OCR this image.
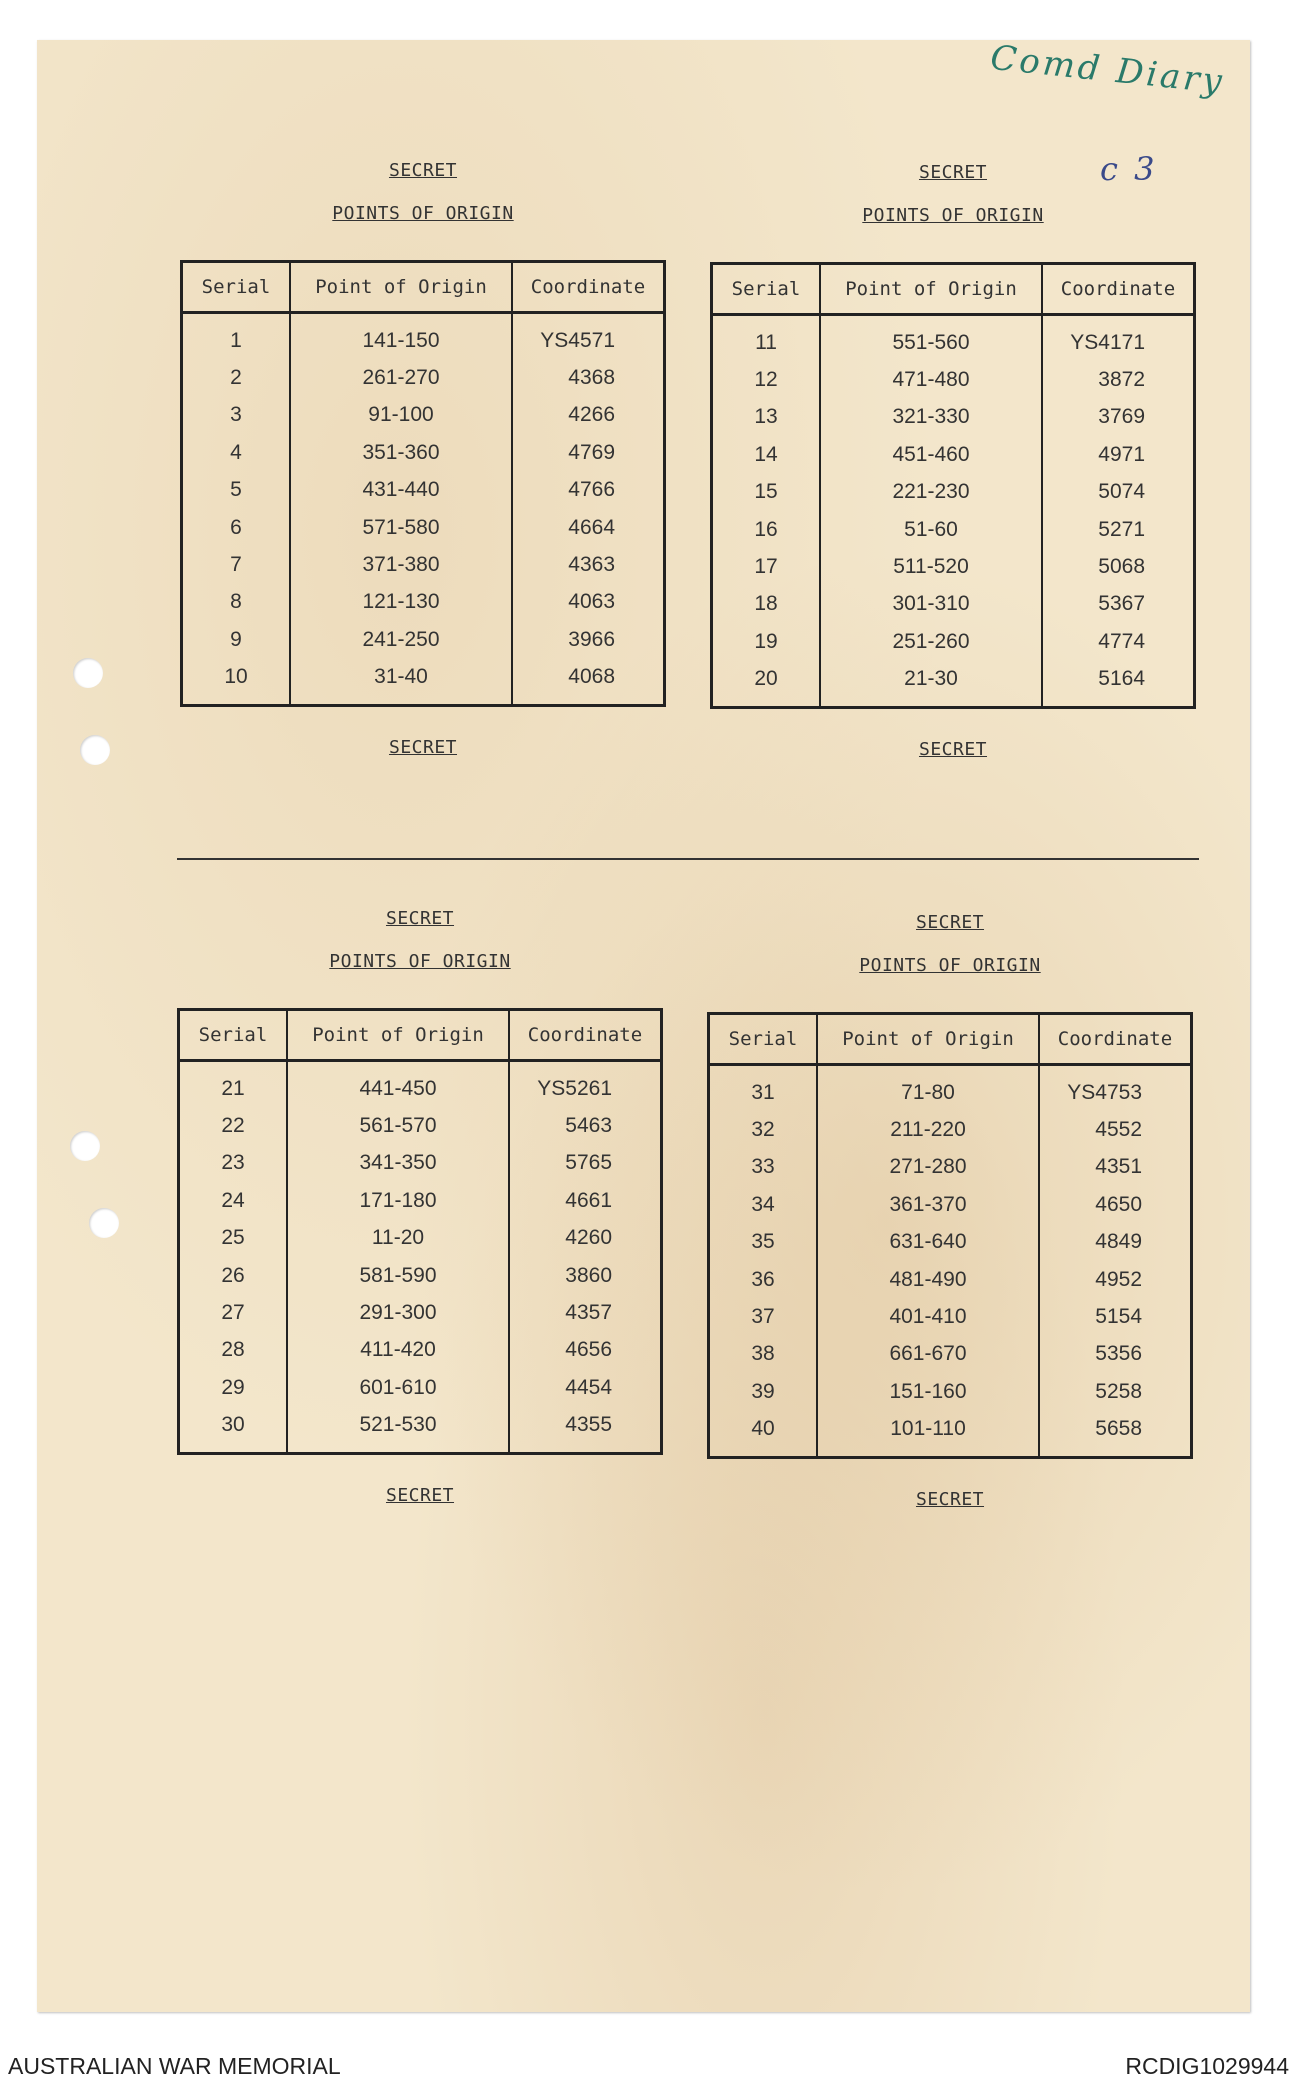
Comd Diary
c 3

SECRET

POINTS OF ORIGIN

Serial	Point of Origin	Coordinate
1	141-150	YS4571
2	261-270	4368
3	91-100	4266
4	351-360	4769
5	431-440	4766
6	571-580	4664
7	371-380	4363
8	121-130	4063
9	241-250	3966
10	31-40	4068

SECRET

SECRET

POINTS OF ORIGIN

Serial	Point of Origin	Coordinate
11	551-560	YS4171
12	471-480	3872
13	321-330	3769
14	451-460	4971
15	221-230	5074
16	51-60	5271
17	511-520	5068
18	301-310	5367
19	251-260	4774
20	21-30	5164

SECRET

SECRET

POINTS OF ORIGIN

Serial	Point of Origin	Coordinate
21	441-450	YS5261
22	561-570	5463
23	341-350	5765
24	171-180	4661
25	11-20	4260
26	581-590	3860
27	291-300	4357
28	411-420	4656
29	601-610	4454
30	521-530	4355

SECRET

SECRET

POINTS OF ORIGIN

Serial	Point of Origin	Coordinate
31	71-80	YS4753
32	211-220	4552
33	271-280	4351
34	361-370	4650
35	631-640	4849
36	481-490	4952
37	401-410	5154
38	661-670	5356
39	151-160	5258
40	101-110	5658

SECRET

AUSTRALIAN WAR MEMORIAL	RCDIG1029944
